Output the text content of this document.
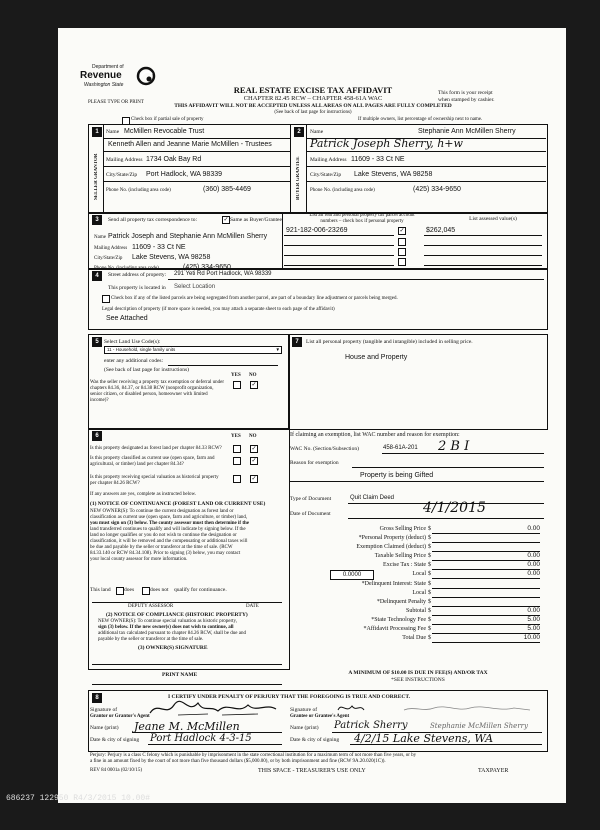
Department of
Revenue
Washington State
PLEASE TYPE OR PRINT
REAL ESTATE EXCISE TAX AFFIDAVIT
CHAPTER 82.45 RCW – CHAPTER 458-61A WAC
THIS AFFIDAVIT WILL NOT BE ACCEPTED UNLESS ALL AREAS ON ALL PAGES ARE FULLY COMPLETED
(See back of last page for instructions)
This form is your receipt
when stamped by cashier.
Check box if partial sale of property	If multiple owners, list percentage of ownership next to name.
1
SELLER GRANTOR
Name McMillen Revocable Trust
Kenneth Allen and Jeanne Marie McMillen - Trustees
Mailing Address 1734 Oak Bay Rd
City/State/Zip Port Hadlock, WA 98339
Phone No. (including area code)	(360) 385-4469
2
BUYER GRANTEE
Name	Stephanie Ann McMillen Sherry
Patrick Joseph Sherry, h+w
Mailing Address 11609 - 33 Ct NE
City/State/Zip Lake Stevens, WA 98258
Phone No. (including area code)	(425) 334-9650
3	Send all property tax correspondence to:	✓ Same as Buyer/Grantee
Name Patrick Joseph and Stephanie Ann McMillen Sherry
Mailing Address 11609 - 33 Ct NE
City/State/Zip Lake Stevens, WA 98258
Phone No. (including area code)	(425) 334-9650
List all real and personal property tax parcel account
numbers – check box if personal property	List assessed value(s)
921-182-006-23269	✓	$262,045
4	Street address of property: 291 Yeti Rd Port Hadlock, WA 98339
This property is located in Select Location
Check box if any of the listed parcels are being segregated from another parcel, are part of a boundary line adjustment or parcels being merged.
Legal description of property (if more space is needed, you may attach a separate sheet to each page of the affidavit)
See Attached
5 Select Land Use Code(s):
11 - Household, single family units	▼
enter any additional codes:
(See back of last page for instructions)
YES NO
Was the seller receiving a property tax exemption or deferral under chapters 84.36, 84.37, or 84.38 RCW (nonprofit organization, senior citizen, or disabled person, homeowner with limited income)?
✓
6	YES NO
Is this property designated as forest land per chapter 84.33 RCW?	✓
Is this property classified as current use (open space, farm and agricultural, or timber) land per chapter 84.34?
✓
Is this property receiving special valuation as historical property per chapter 84.26 RCW?
✓
If any answers are yes, complete as instructed below.
(1) NOTICE OF CONTINUANCE (FOREST LAND OR CURRENT USE)
NEW OWNER(S): To continue the current designation as forest land or
classification as current use (open space, farm and agriculture, or timber) land,
you must sign on (3) below. The county assessor must then determine if the
land transferred continues to qualify and will indicate by signing below. If the
land no longer qualifies or you do not wish to continue the designation or
classification, it will be removed and the compensating or additional taxes will
be due and payable by the seller or transferor at the time of sale. (RCW
84.33.140 or RCW 84.34.108). Prior to signing (3) below, you may contact
your local county assessor for more information.
This land does	does not qualify for continuance.
DEPUTY ASSESSOR	DATE
(2) NOTICE OF COMPLIANCE (HISTORIC PROPERTY)
NEW OWNER(S): To continue special valuation as historic property,
sign (3) below. If the new owner(s) does not wish to continue, all
additional tax calculated pursuant to chapter 84.26 RCW, shall be due and
payable by the seller or transferor at the time of sale.
(3) OWNER(S) SIGNATURE
PRINT NAME
7	List all personal property (tangible and intangible) included in selling price.
House and Property
If claiming an exemption, list WAC number and reason for exemption:
WAC No. (Section/Subsection)	458-61A-201 2 B I
Reason for exemption
Property is being Gifted
Type of Document	Quit Claim Deed
Date of Document	4/1/2015
Gross Selling Price $	0.00
*Personal Property (deduct) $
Exemption Claimed (deduct) $
Taxable Selling Price $	0.00
Excise Tax : State $	0.00
0.0000	Local $	0.00
*Delinquent Interest: State $
Local $
*Delinquent Penalty $
Subtotal $	0.00
*State Technology Fee $	5.00
*Affidavit Processing Fee $	5.00
Total Due $	10.00
A MINIMUM OF $10.00 IS DUE IN FEE(S) AND/OR TAX
*SEE INSTRUCTIONS
8	I CERTIFY UNDER PENALTY OF PERJURY THAT THE FOREGOING IS TRUE AND CORRECT.
Signature of
Grantor or Grantor's Agent
Name (print) Jeane M. McMillen
Date & city of signing Port Hadlock 4-3-15
Signature of
Grantee or Grantee's Agent
Name (print) Patrick Sherry	Stephanie McMillen Sherry
Date & city of signing 4/2/15 Lake Stevens, WA
Perjury: Perjury is a class C felony which is punishable by imprisonment in the state correctional institution for a maximum term of not more than five years, or by
a fine in an amount fixed by the court of not more than five thousand dollars ($5,000.00), or by both imprisonment and fine (RCW 9A.20.020(1C)).
REV 84 0001a (02/10/15)	THIS SPACE - TREASURER'S USE ONLY	TAXPAYER
686237 122950 R4/3/2015 10.00#
